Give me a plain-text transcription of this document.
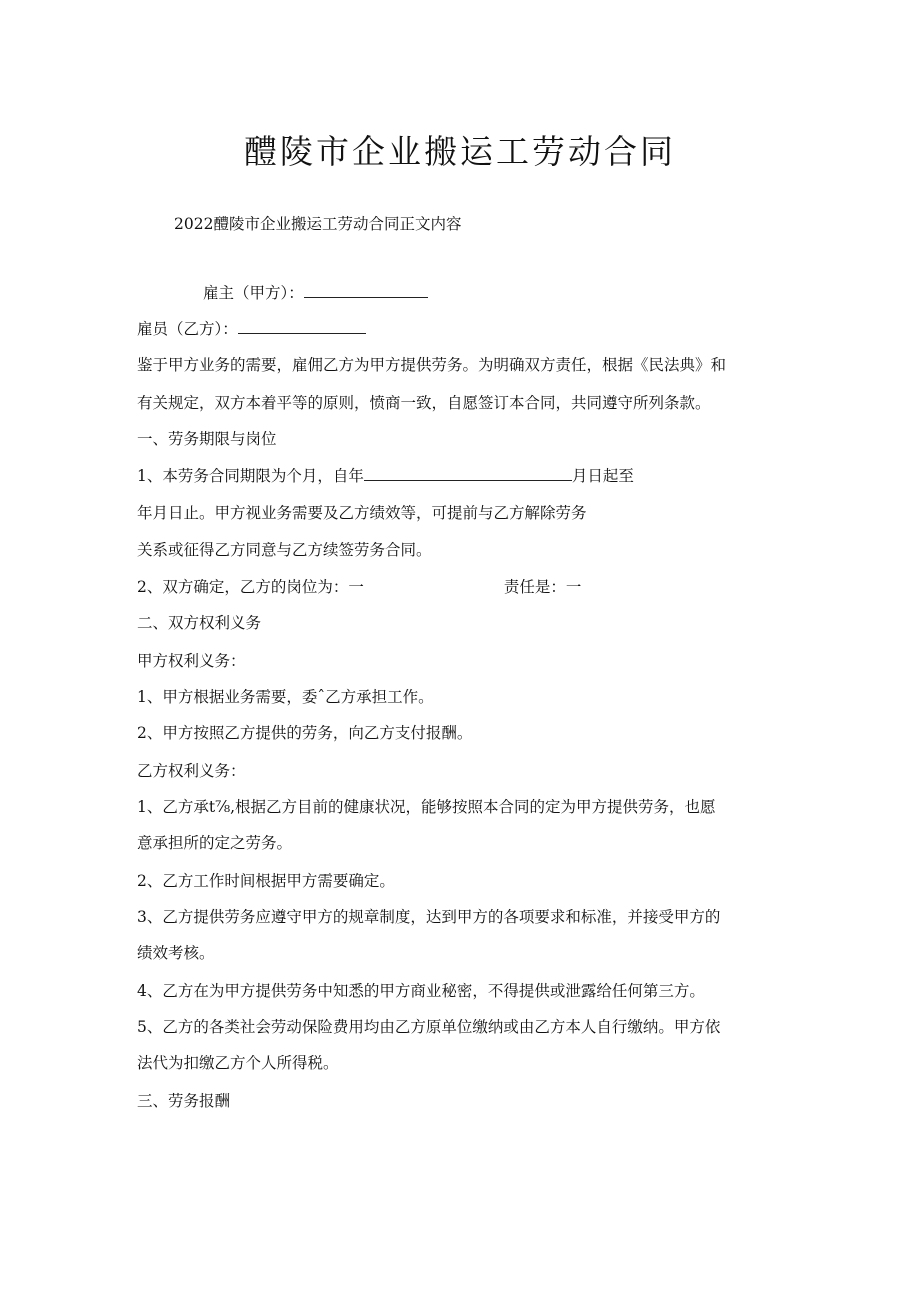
醴陵市企业搬运工劳动合同
2022醴陵市企业搬运工劳动合同正文内容
雇主（甲方）：
雇员（乙方）：
鉴于甲方业务的需要，雇佣乙方为甲方提供劳务。为明确双方责任，根据《民法典》和
有关规定，双方本着平等的原则，愤商一致，自愿签订本合同，共同遵守所列条款。
一、劳务期限与岗位
1、本劳务合同期限为个月，自年	月日起至
年月日止。甲方视业务需要及乙方绩效等，可提前与乙方解除劳务
关系或征得乙方同意与乙方续签劳务合同。
2、双方确定，乙方的岗位为：一	责任是：一
二、双方权利义务
甲方权利义务：
1、甲方根据业务需要，委ˆ乙方承担工作。
2、甲方按照乙方提供的劳务，向乙方支付报酬。
乙方权利义务：
1、乙方承t⅞,根据乙方目前的健康状况，能够按照本合同的定为甲方提供劳务，也愿
意承担所的定之劳务。
2、乙方工作时间根据甲方需要确定。
3、乙方提供劳务应遵守甲方的规章制度，达到甲方的各项要求和标准，并接受甲方的
绩效考核。
4、乙方在为甲方提供劳务中知悉的甲方商业秘密，不得提供或泄露给任何第三方。
5、乙方的各类社会劳动保险费用均由乙方原单位缴纳或由乙方本人自行缴纳。甲方依
法代为扣缴乙方个人所得税。
三、劳务报酬
